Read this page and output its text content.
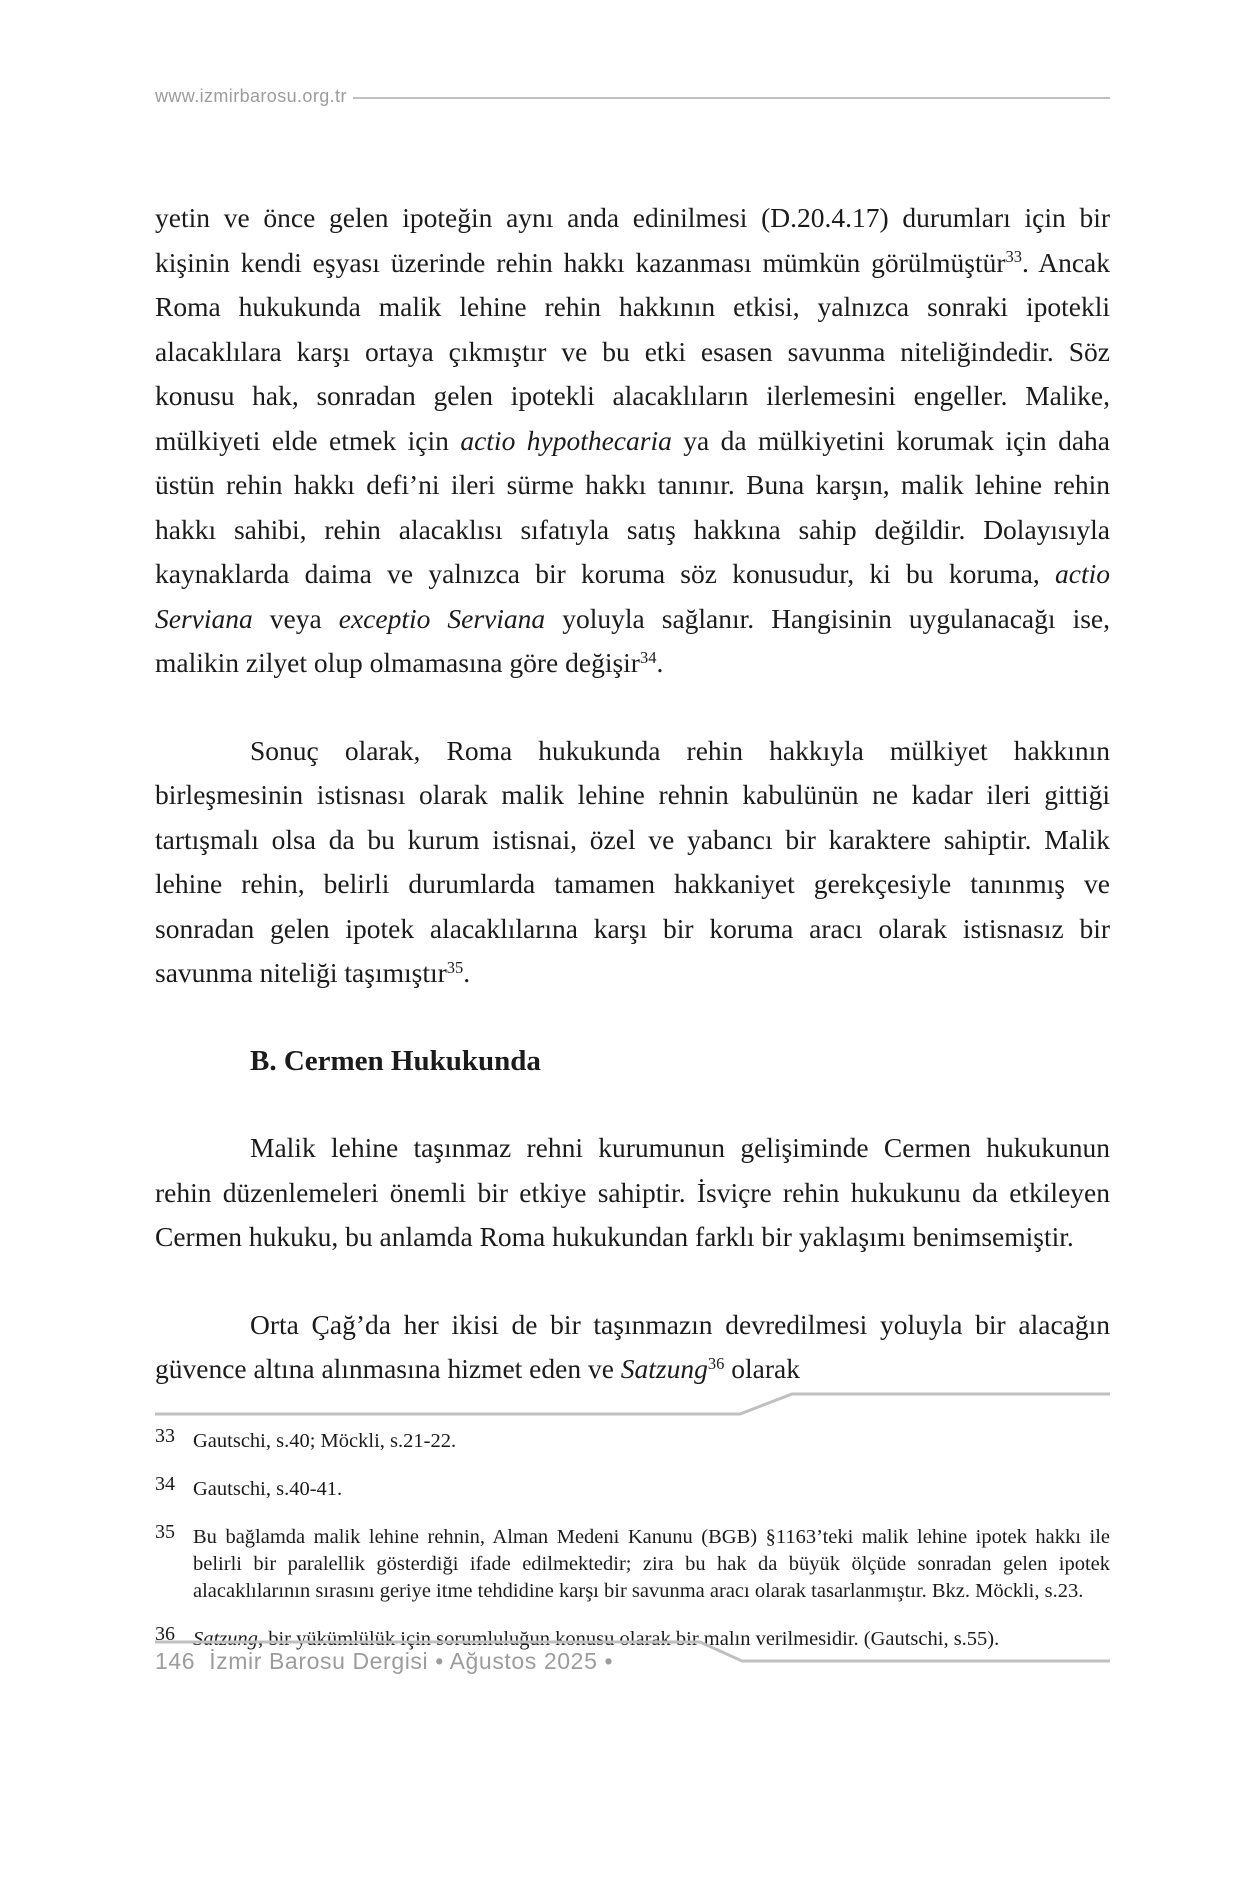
www.izmirbarosu.org.tr

yetin ve önce gelen ipoteğin aynı anda edinilmesi (D.20.4.17) durumları için bir kişinin kendi eşyası üzerinde rehin hakkı kazanması mümkün görülmüştür$^{33}$. Ancak Roma hukukunda malik lehine rehin hakkının etkisi, yalnızca sonraki ipotekli alacaklılara karşı ortaya çıkmıştır ve bu etki esasen savunma niteliğindedir. Söz konusu hak, sonradan gelen ipotekli alacaklıların ilerlemesini engeller. Malike, mülkiyeti elde etmek için actio hypothecaria ya da mülkiyetini korumak için daha üstün rehin hakkı defi’ni ileri sürme hakkı tanınır. Buna karşın, malik lehine rehin hakkı sahibi, rehin alacaklısı sıfatıyla satış hakkına sahip değildir. Dolayısıyla kaynaklarda daima ve yalnızca bir koruma söz konusudur, ki bu koruma, actio Serviana veya exceptio Serviana yoluyla sağlanır. Hangisinin uygulanacağı ise, malikin zilyet olup olmamasına göre değişir$^{34}$.

Sonuç olarak, Roma hukukunda rehin hakkıyla mülkiyet hakkının birleşmesinin istisnası olarak malik lehine rehnin kabulünün ne kadar ileri gittiği tartışmalı olsa da bu kurum istisnai, özel ve yabancı bir karaktere sahiptir. Malik lehine rehin, belirli durumlarda tamamen hakkaniyet gerekçesiyle tanınmış ve sonradan gelen ipotek alacaklılarına karşı bir koruma aracı olarak istisnasız bir savunma niteliği taşımıştır$^{35}$.

B. Cermen Hukukunda

Malik lehine taşınmaz rehni kurumunun gelişiminde Cermen hukukunun rehin düzenlemeleri önemli bir etkiye sahiptir. İsviçre rehin hukukunu da etkileyen Cermen hukuku, bu anlamda Roma hukukundan farklı bir yaklaşımı benimsemiştir.

Orta Çağ’da her ikisi de bir taşınmazın devredilmesi yoluyla bir alacağın güvence altına alınmasına hizmet eden ve Satzung$^{36}$ olarak

33 Gautschi, s.40; Möckli, s.21-22.
34 Gautschi, s.40-41.
35 Bu bağlamda malik lehine rehnin, Alman Medeni Kanunu (BGB) §1163’teki malik lehine ipotek hakkı ile belirli bir paralellik gösterdiği ifade edilmektedir; zira bu hak da büyük ölçüde sonradan gelen ipotek alacaklılarının sırasını geriye itme tehdidine karşı bir savunma aracı olarak tasarlanmıştır. Bkz. Möckli, s.23.
36 Satzung, bir yükümlülük için sorumluluğun konusu olarak bir malın verilmesidir. (Gautschi, s.55).
146 İzmir Barosu Dergisi • Ağustos 2025 •
